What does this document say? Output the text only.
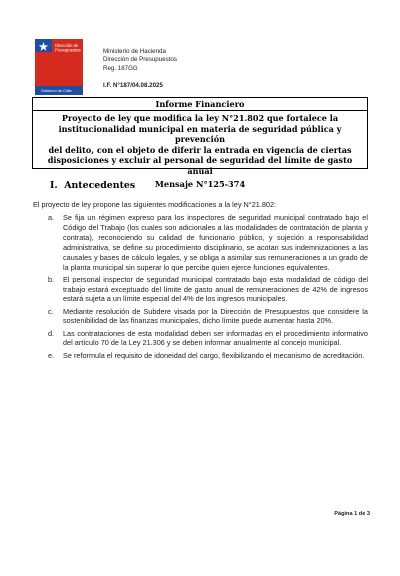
Dirección de
Presupuestos
Gobierno de Chile
Ministerio de Hacienda
Dirección de Presupuestos
Reg. 187GG
I.F. N°187/04.08.2025
Informe Financiero
Proyecto de ley que modifica la ley N°21.802 que fortalece la
institucionalidad municipal en materia de seguridad pública y prevención
del delito, con el objeto de diferir la entrada en vigencia de ciertas
disposiciones y excluir al personal de seguridad del límite de gasto anual
Mensaje N°125-374
I. Antecedentes
El proyecto de ley propone las siguientes modificaciones a la ley N°21.802:
a. Se fija un régimen expreso para los inspectores de seguridad municipal contratado bajo el Código del Trabajo (los cuales son adicionales a las modalidades de contratación de planta y contrata), reconociendo su calidad de funcionario público, y sujeción a responsabilidad administrativa, se define su procedimiento disciplinario, se acotan sus indemnizaciones a las causales y bases de cálculo legales, y se obliga a asimilar sus remuneraciones a un grado de la planta municipal sin superar lo que percibe quien ejerce funciones equivalentes.
b. El personal inspector de seguridad municipal contratado bajo esta modalidad de código del trabajo estará exceptuado del límite de gasto anual de remuneraciones de 42% de ingresos estará sujeta a un límite especial del 4% de los ingresos municipales.
c. Mediante resolución de Subdere visada por la Dirección de Presupuestos que considere la sostenibilidad de las finanzas municipales, dicho límite puede aumentar hasta 20%.
d. Las contrataciones de esta modalidad deben ser informadas en el procedimiento informativo del artículo 70 de la Ley 21.306 y se deben informar anualmente al concejo municipal.
e. Se reformula el requisito de idoneidad del cargo, flexibilizando el mecanismo de acreditación.
Página 1 de 3
